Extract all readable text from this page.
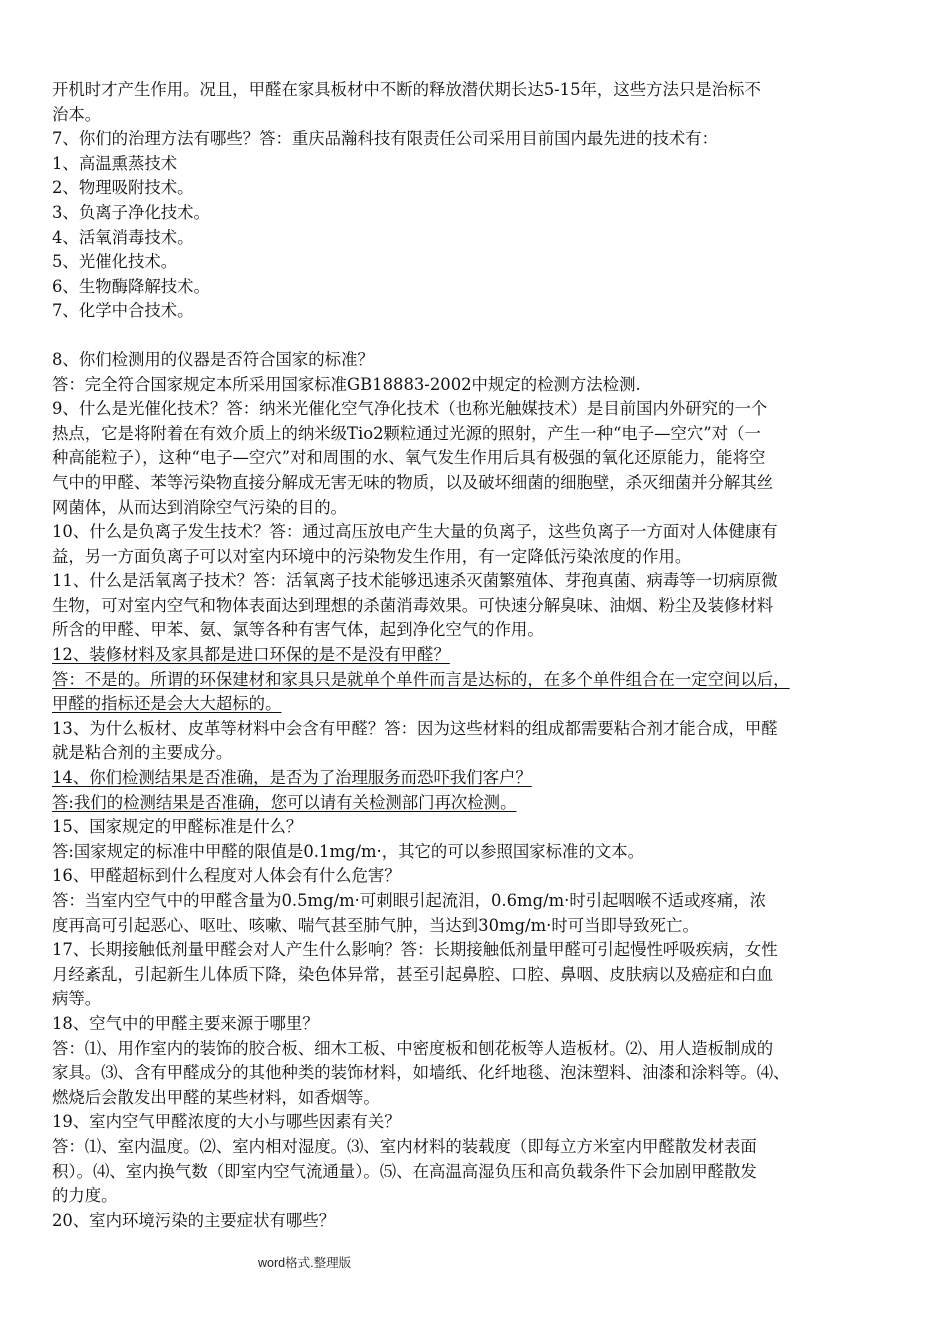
开机时才产生作用。况且，甲醛在家具板材中不断的释放潜伏期长达5-15年，这些方法只是治标不
治本。
7、你们的治理方法有哪些？答：重庆品瀚科技有限责任公司采用目前国内最先进的技术有：
1、高温熏蒸技术
2、物理吸附技术。
3、负离子净化技术。
4、活氧消毒技术。
5、光催化技术。
6、生物酶降解技术。
7、化学中合技术。
8、你们检测用的仪器是否符合国家的标准？
答：完全符合国家规定本所采用国家标准GB18883-2002中规定的检测方法检测.
9、什么是光催化技术？答：纳米光催化空气净化技术（也称光触媒技术）是目前国内外研究的一个
热点，它是将附着在有效介质上的纳米级Tio2颗粒通过光源的照射，产生一种“电子—空穴”对（一
种高能粒子），这种“电子—空穴”对和周围的水、氧气发生作用后具有极强的氧化还原能力，能将空
气中的甲醛、苯等污染物直接分解成无害无味的物质，以及破坏细菌的细胞壁，杀灭细菌并分解其丝
网菌体，从而达到消除空气污染的目的。
10、什么是负离子发生技术？答：通过高压放电产生大量的负离子，这些负离子一方面对人体健康有
益，另一方面负离子可以对室内环境中的污染物发生作用，有一定降低污染浓度的作用。
11、什么是活氧离子技术？答：活氧离子技术能够迅速杀灭菌繁殖体、芽孢真菌、病毒等一切病原微
生物，可对室内空气和物体表面达到理想的杀菌消毒效果。可快速分解臭味、油烟、粉尘及装修材料
所含的甲醛、甲苯、氨、氯等各种有害气体，起到净化空气的作用。
12、装修材料及家具都是进口环保的是不是没有甲醛？
答：不是的。所谓的环保建材和家具只是就单个单件而言是达标的，在多个单件组合在一定空间以后，
甲醛的指标还是会大大超标的。
13、为什么板材、皮革等材料中会含有甲醛？答：因为这些材料的组成都需要粘合剂才能合成，甲醛
就是粘合剂的主要成分。
14、你们检测结果是否准确，是否为了治理服务而恐吓我们客户？
答:我们的检测结果是否准确，您可以请有关检测部门再次检测。
15、国家规定的甲醛标准是什么？
答:国家规定的标准中甲醛的限值是0.1mg/m·，其它的可以参照国家标准的文本。
16、甲醛超标到什么程度对人体会有什么危害？
答：当室内空气中的甲醛含量为0.5mg/m·可刺眼引起流泪，0.6mg/m·时引起咽喉不适或疼痛，浓
度再高可引起恶心、呕吐、咳嗽、喘气甚至肺气肿，当达到30mg/m·时可当即导致死亡。
17、长期接触低剂量甲醛会对人产生什么影响？答：长期接触低剂量甲醛可引起慢性呼吸疾病，女性
月经紊乱，引起新生儿体质下降，染色体异常，甚至引起鼻腔、口腔、鼻咽、皮肤病以及癌症和白血
病等。
18、空气中的甲醛主要来源于哪里？
答：⑴、用作室内的装饰的胶合板、细木工板、中密度板和刨花板等人造板材。⑵、用人造板制成的
家具。⑶、含有甲醛成分的其他种类的装饰材料，如墙纸、化纤地毯、泡沫塑料、油漆和涂料等。⑷、
燃烧后会散发出甲醛的某些材料，如香烟等。
19、室内空气甲醛浓度的大小与哪些因素有关？
答：⑴、室内温度。⑵、室内相对湿度。⑶、室内材料的装载度（即每立方米室内甲醛散发材表面
积）。⑷、室内换气数（即室内空气流通量）。⑸、在高温高湿负压和高负载条件下会加剧甲醛散发
的力度。
20、室内环境污染的主要症状有哪些？
word格式.整理版
